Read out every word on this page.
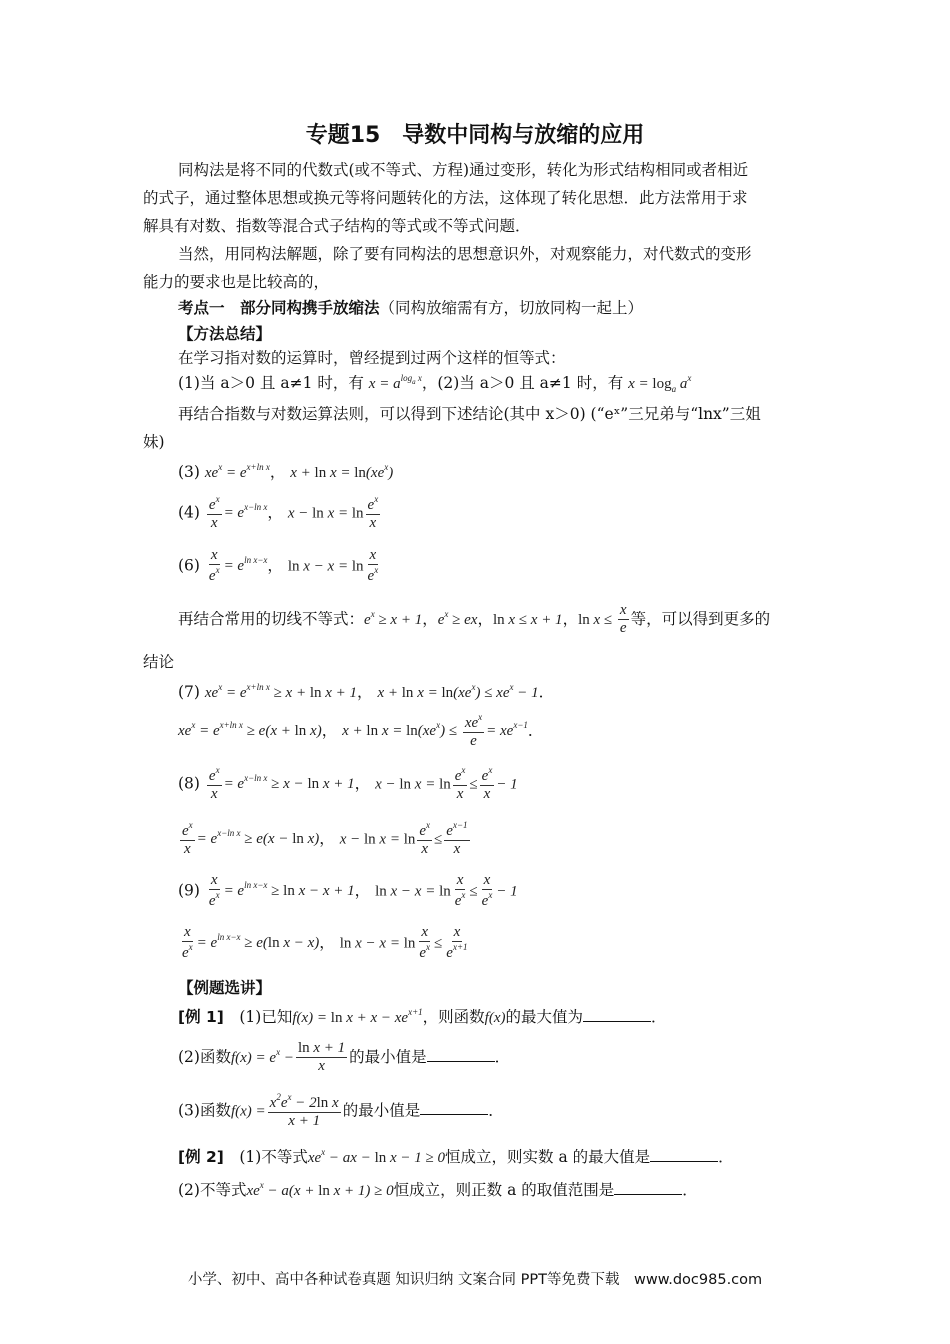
专题15　导数中同构与放缩的应用
同构法是将不同的代数式(或不等式、方程)通过变形，转化为形式结构相同或者相近
的式子，通过整体思想或换元等将问题转化的方法，这体现了转化思想．此方法常用于求
解具有对数、指数等混合式子结构的等式或不等式问题．
当然，用同构法解题，除了要有同构法的思想意识外，对观察能力，对代数式的变形
能力的要求也是比较高的，
考点一　部分同构携手放缩法（同构放缩需有方，切放同构一起上）
【方法总结】
在学习指对数的运算时，曾经提到过两个这样的恒等式：
(1)当 a＞0 且 a≠1 时，有 $x = a^{log_a x}$，(2)当 a＞0 且 a≠1 时，有 $x = \log_a a^x$
再结合指数与对数运算法则，可以得到下述结论(其中 x＞0) (“eˣ”三兄弟与“lnx”三姐
妹)
(3) $xe^x = e^{x+ln x}$， $x + \ln x = \ln(xe^x)$
$(4) \frac{e^x}{x} = e^{x-ln x}$， $x - \ln x = \ln \frac{e^x}{x}$
$(6) \frac{x}{e^x} = e^{ln x-x}$， $\ln x - x = \ln \frac{x}{e^x}$
再结合常用的切线不等式：$e^x \ge x + 1$，$e^x$ ≥ ex，ln x ≤ x + 1，$\ln x \le \frac{x}{e}$ 等，可以得到更多的
结论
(7) $xe^x = e^{x+ln x} \ge x + \ln x + 1$， $x + \ln x = \ln(xe^x) \le xe^x - 1$．
$xe^x = e^{x+ln x} \ge e(x + \ln x)$， $x + \ln x = \ln(xe^x) \le \frac{xe^x}{e} = xe^{x-1}$．
$(8) \frac{e^x}{x} = e^{x-ln x} \ge x - \ln x + 1$， $x - \ln x = \ln \frac{e^x}{x} \le \frac{e^x}{x} - 1$
$\frac{e^x}{x} = e^{x-ln x} \ge e(x - \ln x)$， $x - \ln x = \ln \frac{e^x}{x} \le \frac{e^{x-1}}{x}$
$(9) \frac{x}{e^x} = e^{ln x-x} \ge \ln x - x + 1$， $\ln x - x = \ln \frac{x}{e^x} \le \frac{x}{e^x} - 1$
$\frac{x}{e^x} = e^{ln x-x} \ge e(\ln$ x − x)， $\ln x - x = \ln \frac{x}{e^x} \le \frac{x}{e^{x+1}}$
【例题选讲】
[例 1]　 (1)已知$f(x) = \ln x + x - xe^{x+1}$，则函数f(x)的最大值为	．
(2)函数$f(x) = e^x - \frac{\text{ln x + 1}}{x}$ 的最小值是	．
(3)函数$f(x) = \frac{x^2e^x - 2\ln x}{x + 1}$ 的最小值是	．
[例 2]　 (1)不等式$xe^x$ − ax − ln x − 1 ≥ 0恒成立，则实数 a 的最大值是	．
(2)不等式$xe^x - a(x + \ln x + 1) \ge 0$恒成立，则正数 a 的取值范围是	．
小学、初中、高中各种试卷真题 知识归纳 文案合同 PPT等免费下载　www.doc985.com
